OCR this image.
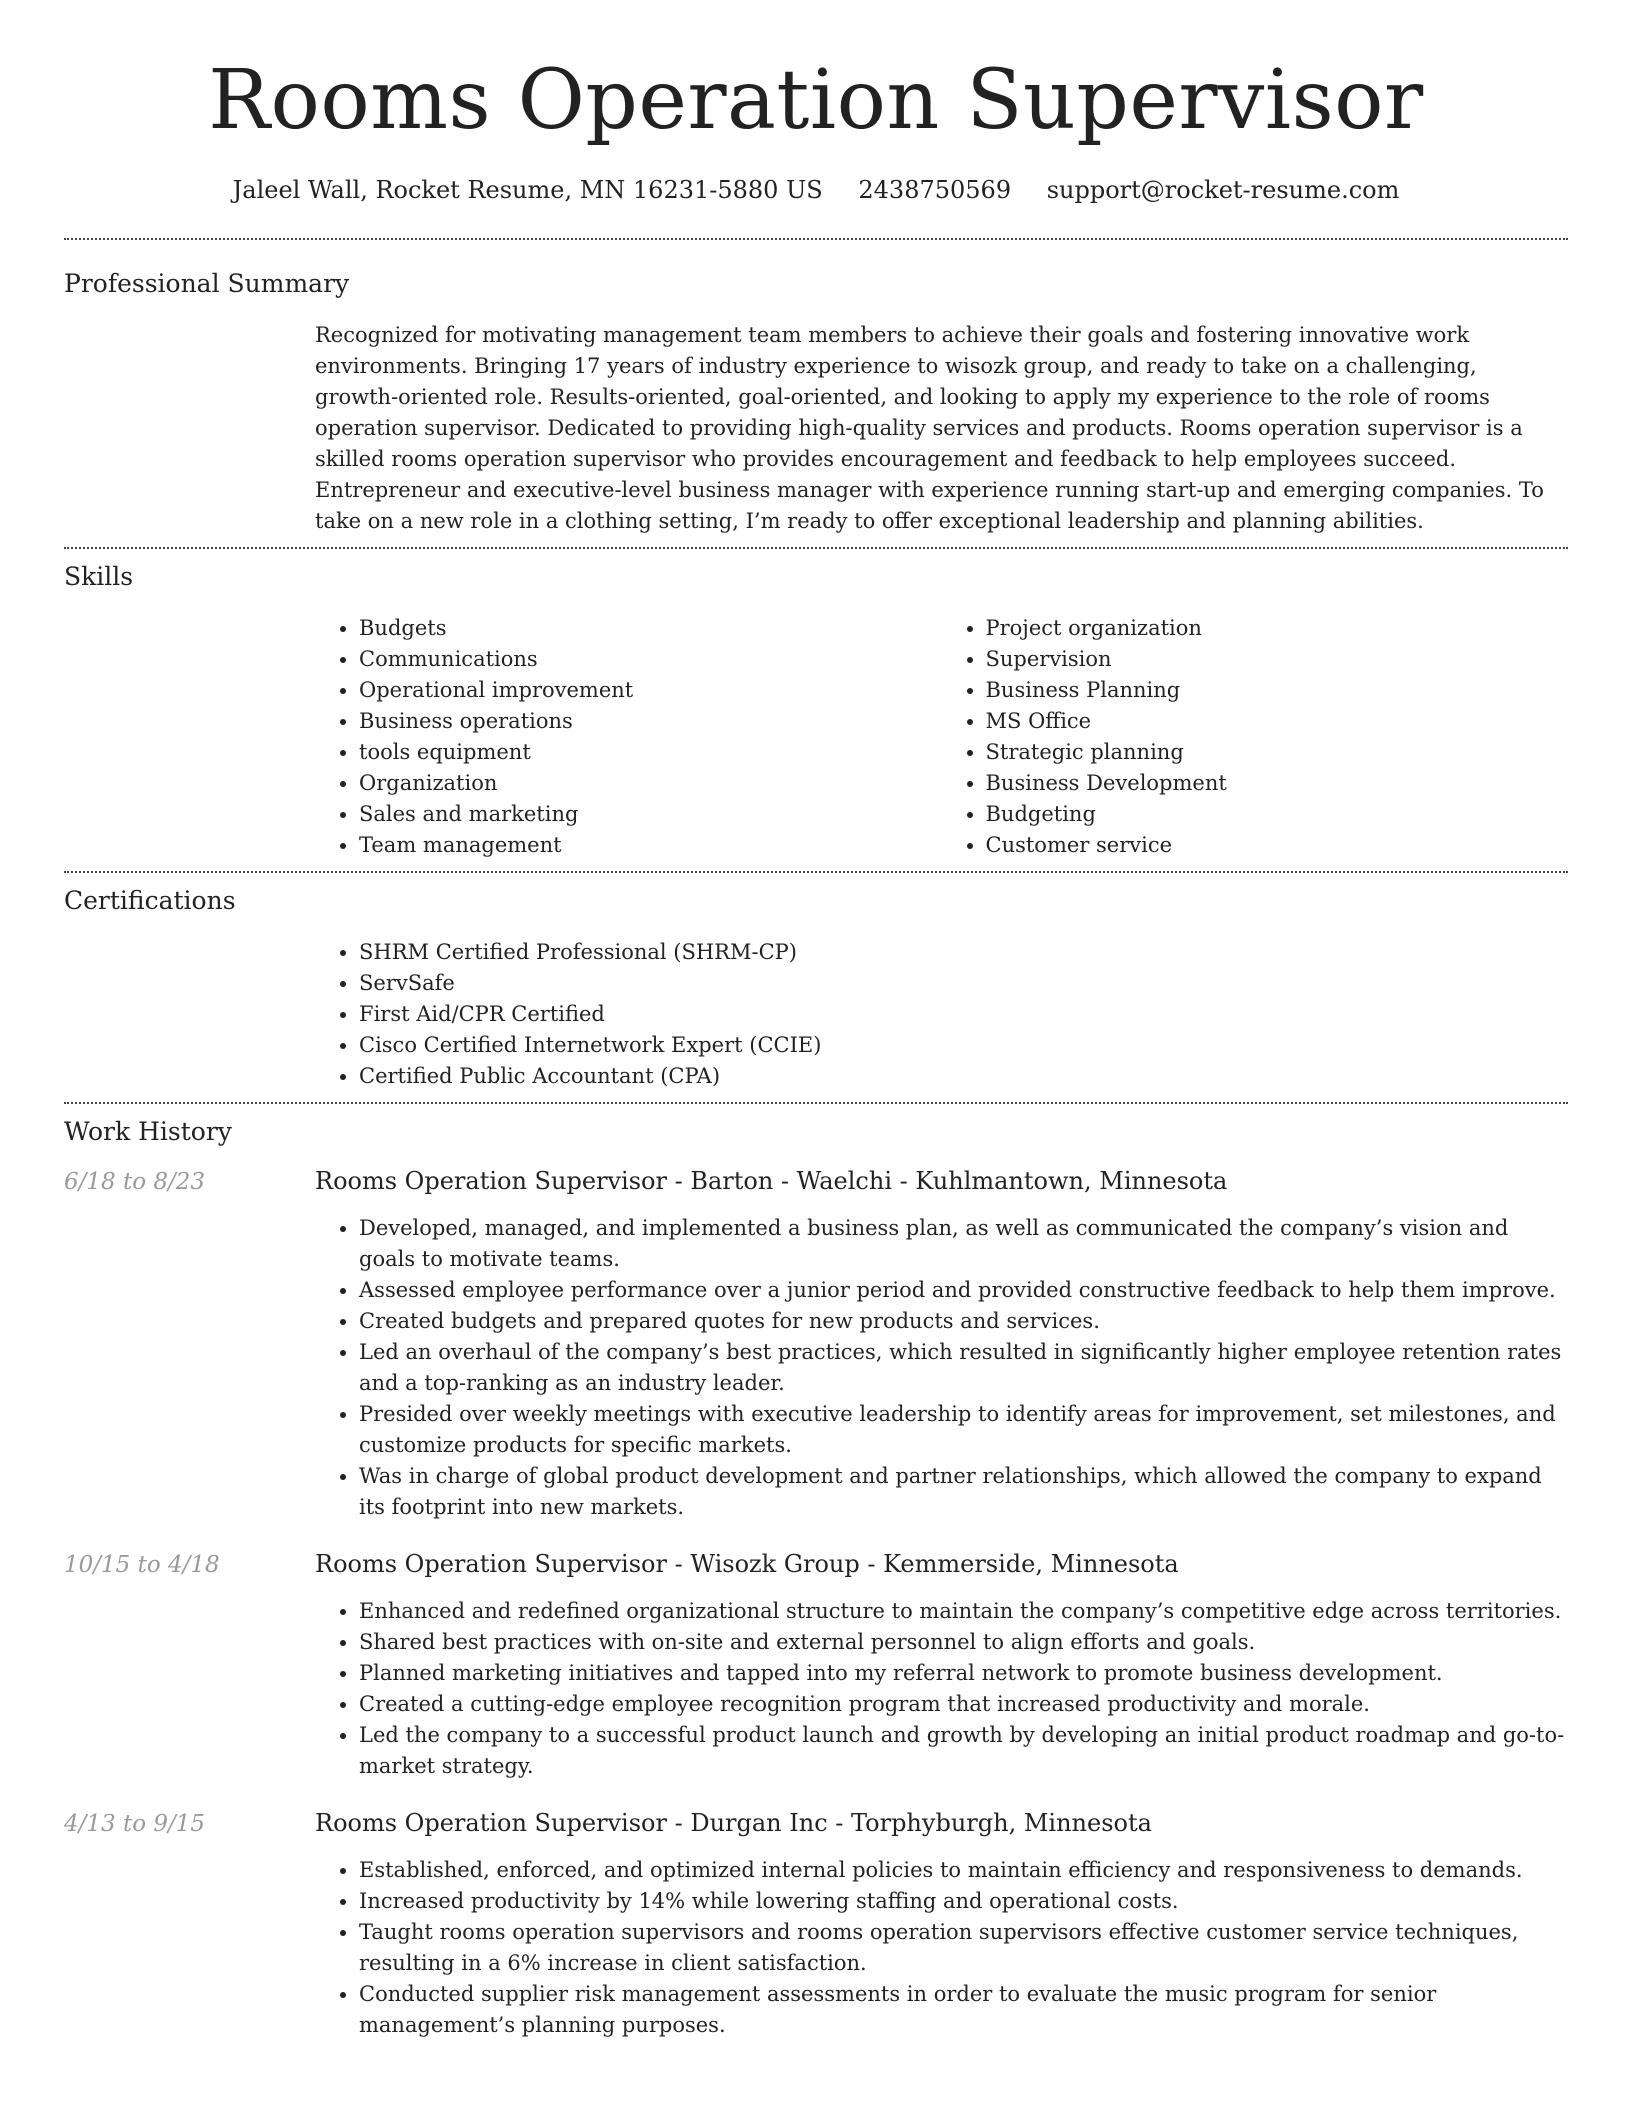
Rooms Operation Supervisor
Jaleel Wall, Rocket Resume, MN 16231-5880 US 2438750569 support@rocket-resume.com
Professional Summary

Recognized for motivating management team members to achieve their goals and fostering innovative work environments. Bringing 17 years of industry experience to wisozk group, and ready to take on a challenging, growth-oriented role. Results-oriented, goal-oriented, and looking to apply my experience to the role of rooms operation supervisor. Dedicated to providing high-quality services and products. Rooms operation supervisor is a skilled rooms operation supervisor who provides encouragement and feedback to help employees succeed. Entrepreneur and executive-level business manager with experience running start-up and emerging companies. To take on a new role in a clothing setting, I’m ready to offer exceptional leadership and planning abilities.

Skills
• Budgets
• Communications
• Operational improvement
• Business operations
• tools equipment
• Organization
• Sales and marketing
• Team management
• Project organization
• Supervision
• Business Planning
• MS Office
• Strategic planning
• Business Development
• Budgeting
• Customer service
Certifications
• SHRM Certified Professional (SHRM-CP)
• ServSafe
• First Aid/CPR Certified
• Cisco Certified Internetwork Expert (CCIE)
• Certified Public Accountant (CPA)
Work History
6/18 to 8/23	Rooms Operation Supervisor - Barton - Waelchi - Kuhlmantown, Minnesota
• Developed, managed, and implemented a business plan, as well as communicated the company’s vision and goals to motivate teams.
• Assessed employee performance over a junior period and provided constructive feedback to help them improve.
• Created budgets and prepared quotes for new products and services.
• Led an overhaul of the company’s best practices, which resulted in significantly higher employee retention rates and a top-ranking as an industry leader.
• Presided over weekly meetings with executive leadership to identify areas for improvement, set milestones, and customize products for specific markets.
• Was in charge of global product development and partner relationships, which allowed the company to expand its footprint into new markets.
10/15 to 4/18	Rooms Operation Supervisor - Wisozk Group - Kemmerside, Minnesota
• Enhanced and redefined organizational structure to maintain the company’s competitive edge across territories.
• Shared best practices with on-site and external personnel to align efforts and goals.
• Planned marketing initiatives and tapped into my referral network to promote business development.
• Created a cutting-edge employee recognition program that increased productivity and morale.
• Led the company to a successful product launch and growth by developing an initial product roadmap and go-to-market strategy.
4/13 to 9/15	Rooms Operation Supervisor - Durgan Inc - Torphyburgh, Minnesota
• Established, enforced, and optimized internal policies to maintain efficiency and responsiveness to demands.
• Increased productivity by 14% while lowering staffing and operational costs.
• Taught rooms operation supervisors and rooms operation supervisors effective customer service techniques, resulting in a 6% increase in client satisfaction.
• Conducted supplier risk management assessments in order to evaluate the music program for senior management’s planning purposes.
